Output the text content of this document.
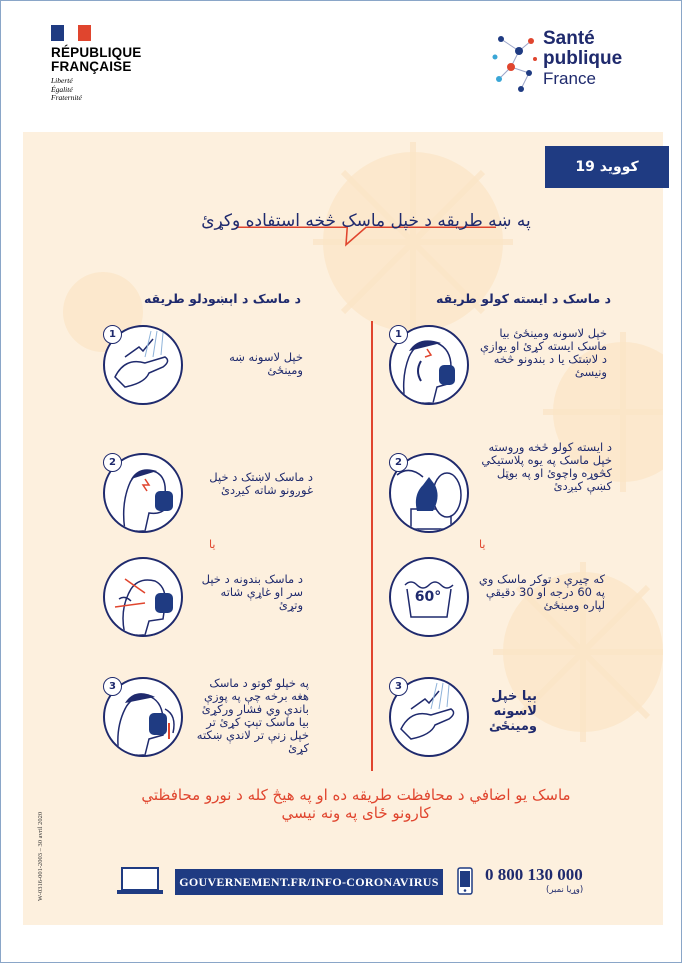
RÉPUBLIQUE
FRANÇAISE
Liberté
Égalité
Fraternité
Santé
publique
France
کووید 19
په ښه طریقه د خپل ماسک څخه استفاده وکړئ
د ماسک د اېښودلو طریقه	د ماسک د ایسته کولو طریقه
1
خپل لاسونه ښه ومینځئ
2
د ماسک لاښتک د خپل غوږونو شاته کیږدئ
یا
د ماسک بندونه د خپل سر او غاړې شاته وتړئ
3	په خپلو ګوتو د ماسک هغه برخه چې په پوزې باندې وي فشار ورکړئ بیا ماسک تېټ کړئ تر خپل زنې تر لاندې ښکته کړئ
1	خپل لاسونه ومینځئ بیا ماسک ایسته کړئ او یوازې د لاښتک یا د بندونو څخه ونیسئ
2
د ایسته کولو څخه وروسته خپل ماسک په یوه پلاستیکي کڅوړه واچوئ او په بوټل کښې کیږدئ
یا
60°
که چیرې د توکر ماسک وي په 60 درجه او 30 دقیقې لپاره ومینځئ
3
بیا خپل لاسونه ومینځئ
ماسک یو اضافي د محافظت طریقه ده او په هیڅ کله د نورو محافظتي کارونو ځای په ونه نیسي
GOUVERNEMENT.FR/INFO-CORONAVIRUS	0 800 130 000
(وړیا نمبر)
W-0316-001-2003 – 30 avril 2020
